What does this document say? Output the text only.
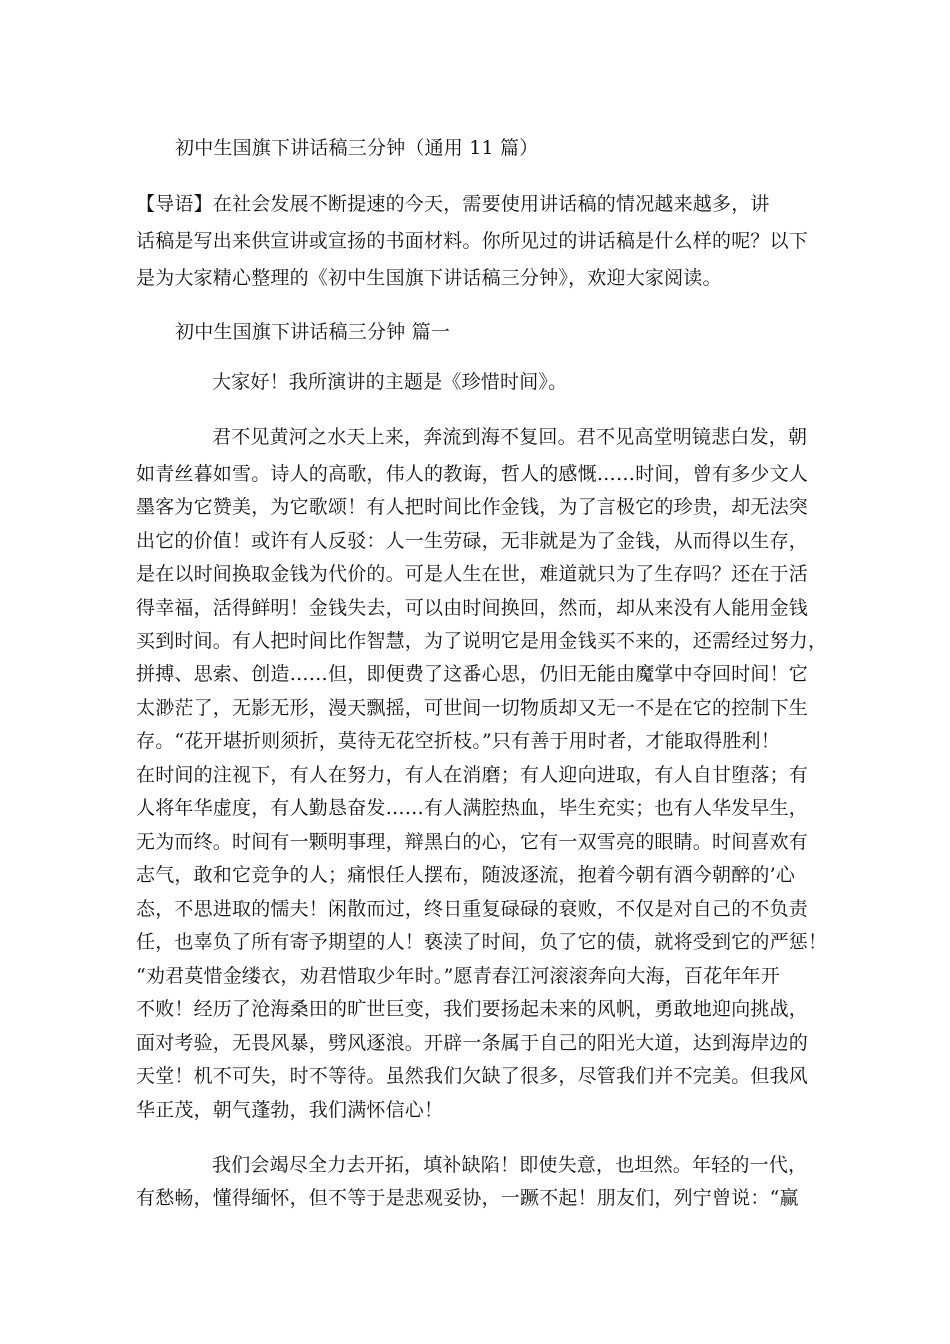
初中生国旗下讲话稿三分钟（通用 11 篇）
【导语】在社会发展不断提速的今天，需要使用讲话稿的情况越来越多，讲
话稿是写出来供宣讲或宣扬的书面材料。你所见过的讲话稿是什么样的呢？以下
是为大家精心整理的《初中生国旗下讲话稿三分钟》，欢迎大家阅读。
初中生国旗下讲话稿三分钟 篇一
大家好！我所演讲的主题是《珍惜时间》。
君不见黄河之水天上来，奔流到海不复回。君不见高堂明镜悲白发，朝
如青丝暮如雪。诗人的高歌，伟人的教诲，哲人的感慨……时间，曾有多少文人
墨客为它赞美，为它歌颂！有人把时间比作金钱，为了言极它的珍贵，却无法突
出它的价值！或许有人反驳：人一生劳碌，无非就是为了金钱，从而得以生存，
是在以时间换取金钱为代价的。可是人生在世，难道就只为了生存吗？还在于活
得幸福，活得鲜明！金钱失去，可以由时间换回，然而，却从来没有人能用金钱
买到时间。有人把时间比作智慧，为了说明它是用金钱买不来的，还需经过努力，
拼搏、思索、创造……但，即便费了这番心思，仍旧无能由魔掌中夺回时间！它
太渺茫了，无影无形，漫天飘摇，可世间一切物质却又无一不是在它的控制下生
存。“花开堪折则须折，莫待无花空折枝。”只有善于用时者，才能取得胜利！
在时间的注视下，有人在努力，有人在消磨；有人迎向进取，有人自甘堕落；有
人将年华虚度，有人勤恳奋发……有人满腔热血，毕生充实；也有人华发早生，
无为而终。时间有一颗明事理，辩黑白的心，它有一双雪亮的眼睛。时间喜欢有
志气，敢和它竞争的人；痛恨任人摆布，随波逐流，抱着今朝有酒今朝醉的’心
态，不思进取的懦夫！闲散而过，终日重复碌碌的衰败，不仅是对自己的不负责
任，也辜负了所有寄予期望的人！亵渎了时间，负了它的债，就将受到它的严惩！
“劝君莫惜金缕衣，劝君惜取少年时。”愿青春江河滚滚奔向大海，百花年年开
不败！经历了沧海桑田的旷世巨变，我们要扬起未来的风帆，勇敢地迎向挑战，
面对考验，无畏风暴，劈风逐浪。开辟一条属于自己的阳光大道，达到海岸边的
天堂！机不可失，时不等待。虽然我们欠缺了很多，尽管我们并不完美。但我风
华正茂，朝气蓬勃，我们满怀信心！
我们会竭尽全力去开拓，填补缺陷！即使失意，也坦然。年轻的一代，
有愁畅，懂得缅怀，但不等于是悲观妥协，一蹶不起！朋友们，列宁曾说：“赢
